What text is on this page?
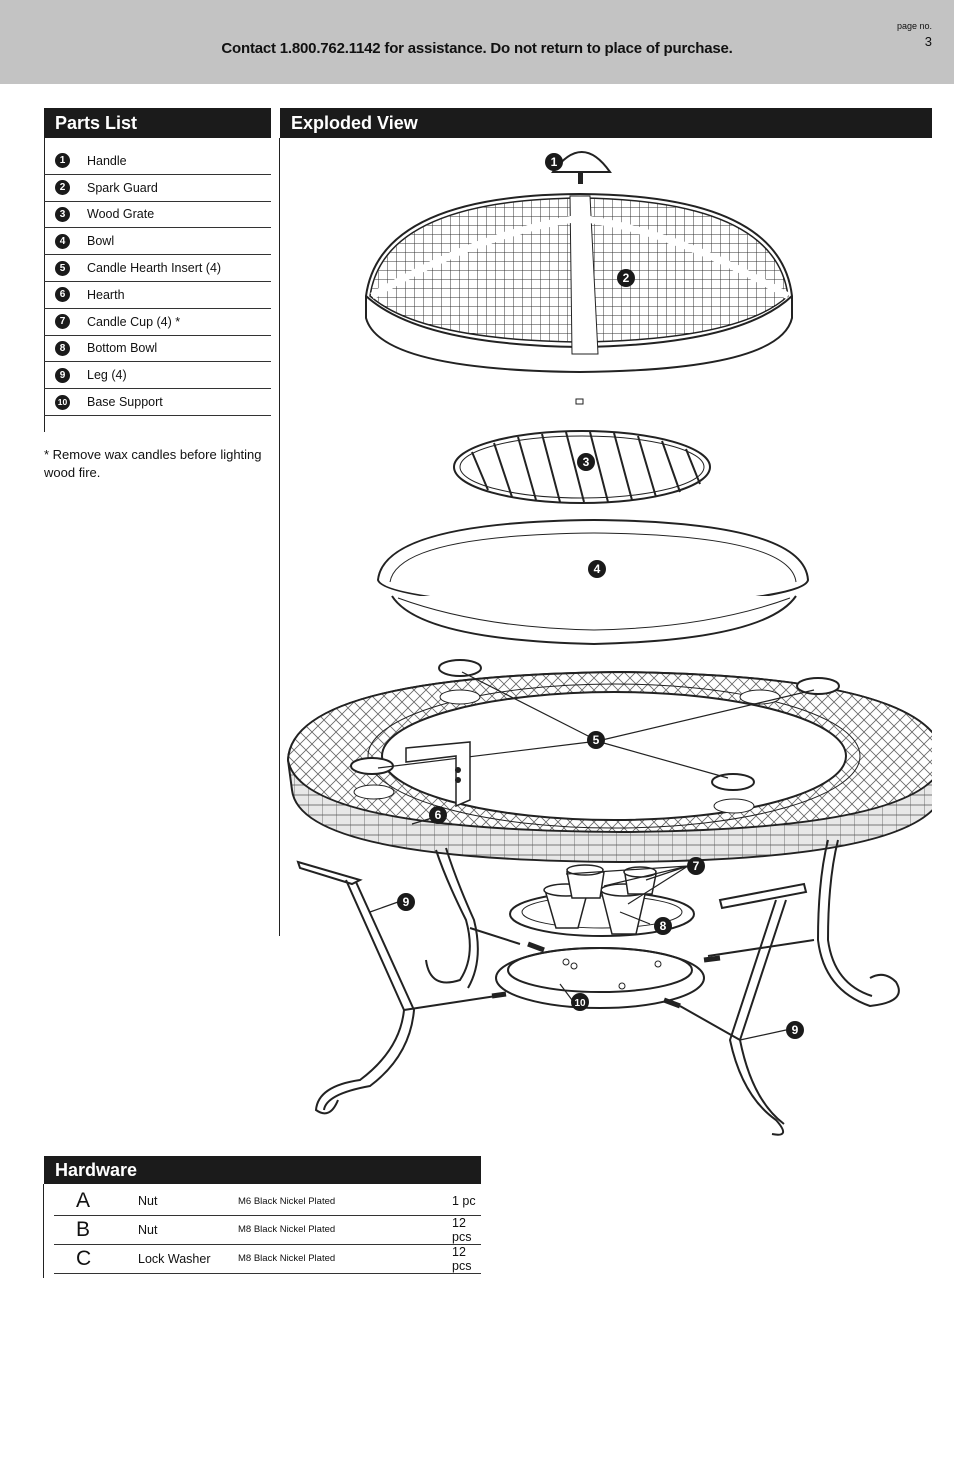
Contact 1.800.762.1142 for assistance. Do not return to place of purchase.
page no.
3
Parts List
1	Handle
2	Spark Guard
3	Wood Grate
4	Bowl
5	Candle Hearth Insert (4)
6	Hearth
7	Candle Cup (4) *
8	Bottom Bowl
9	Leg (4)
10 Base Support
* Remove wax candles before lighting wood fire.
Exploded View
1
2
3
4
5
6
7
8
9
10
9
Hardware
A	Nut	M6 Black Nickel Plated	1 pc
B	Nut	M8 Black Nickel Plated	12 pcs
C	Lock Washer	M8 Black Nickel Plated	12 pcs
